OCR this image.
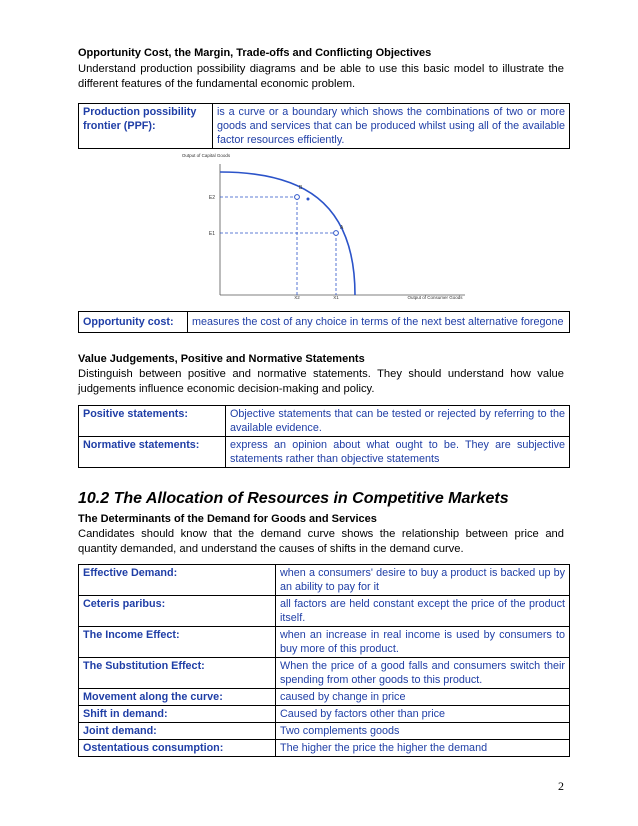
Opportunity Cost, the Margin, Trade-offs and Conflicting Objectives
Understand production possibility diagrams and be able to use this basic model to illustrate the different features of the fundamental economic problem.
Production possibility frontier (PPF):	is a curve or a boundary which shows the combinations of two or more goods and services that can be produced whilst using all of the available factor resources efficiently.
Output of Capital Goods
B
A
E2
E1
X2	X1	Output of Consumer Goods
Opportunity cost:	measures the cost of any choice in terms of the next best alternative foregone
Value Judgements, Positive and Normative Statements
Distinguish between positive and normative statements. They should understand how value judgements influence economic decision-making and policy.
Positive statements:	Objective statements that can be tested or rejected by referring to the available evidence.
Normative statements:	express an opinion about what ought to be. They are subjective statements rather than objective statements
10.2 The Allocation of Resources in Competitive Markets
The Determinants of the Demand for Goods and Services
Candidates should know that the demand curve shows the relationship between price and quantity demanded, and understand the causes of shifts in the demand curve.
Effective Demand:	when a consumers' desire to buy a product is backed up by an ability to pay for it
Ceteris paribus:	all factors are held constant except the price of the product itself.
The Income Effect:	when an increase in real income is used by consumers to buy more of this product.
The Substitution Effect:	When the price of a good falls and consumers switch their spending from other goods to this product.
Movement along the curve:	caused by change in price
Shift in demand:	Caused by factors other than price
Joint demand:	Two complements goods
Ostentatious consumption:	The higher the price the higher the demand
2
